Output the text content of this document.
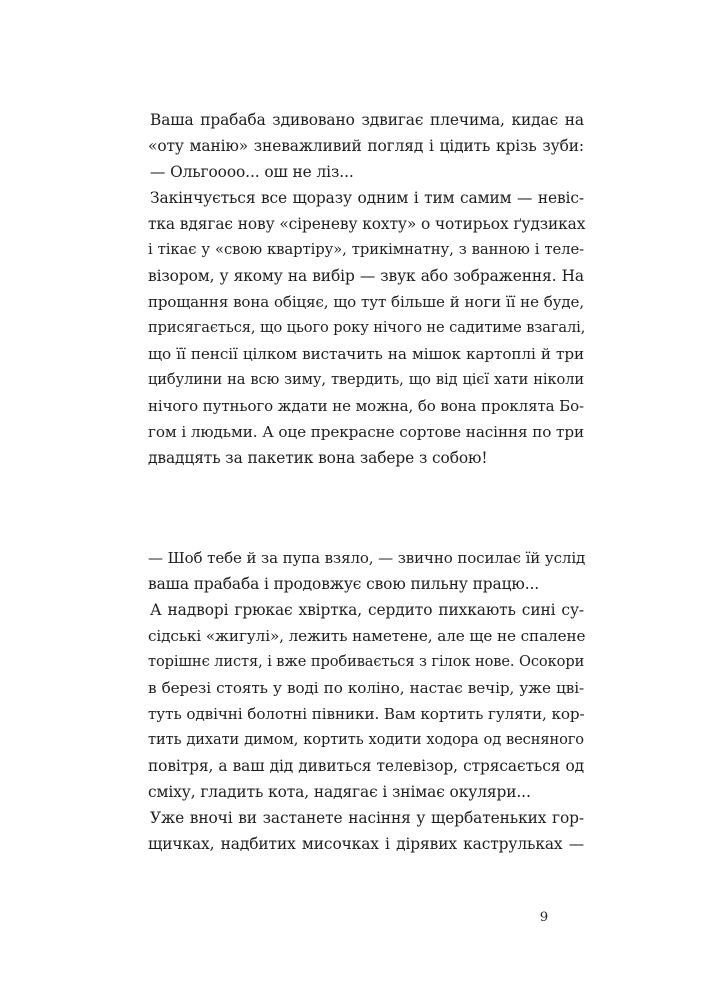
Ваша прабаба здивовано здвигає плечима, кидає на
«оту манію» зневажливий погляд і цідить крізь зуби:
— Ольгоооо... ош не ліз...
Закінчується все щоразу одним і тим самим — невіс-
тка вдягає нову «сіреневу кохту» о чотирьох ґудзиках
і тікає у «свою квартіру», трикімнатну, з ванною і теле-
візором, у якому на вибір — звук або зображення. На
прощання вона обіцяє, що тут більше й ноги її не буде,
присягається, що цього року нічого не садитиме взагалі,
що її пенсії цілком вистачить на мішок картоплі й три
цибулини на всю зиму, твердить, що від цієї хати ніколи
нічого путнього ждати не можна, бо вона проклята Бо-
гом і людьми. А оце прекрасне сортове насіння по три
двадцять за пакетик вона забере з собою!
— Шоб тебе й за пупа взяло, — звично посилає їй услід
ваша прабаба і продовжує свою пильну працю...
А надворі грюкає хвіртка, сердито пихкають сині су-
сідські «жигулі», лежить наметене, але ще не спалене
торішнє листя, і вже пробивається з гілок нове. Осокори
в березі стоять у воді по коліно, настає вечір, уже цві-
туть одвічні болотні півники. Вам кортить гуляти, кор-
тить дихати димом, кортить ходити ходора од весняного
повітря, а ваш дід дивиться телевізор, стрясається од
сміху, гладить кота, надягає і знімає окуляри...
Уже вночі ви застанете насіння у щербатеньких гор-
щичках, надбитих мисочках і дірявих каструльках —
9
